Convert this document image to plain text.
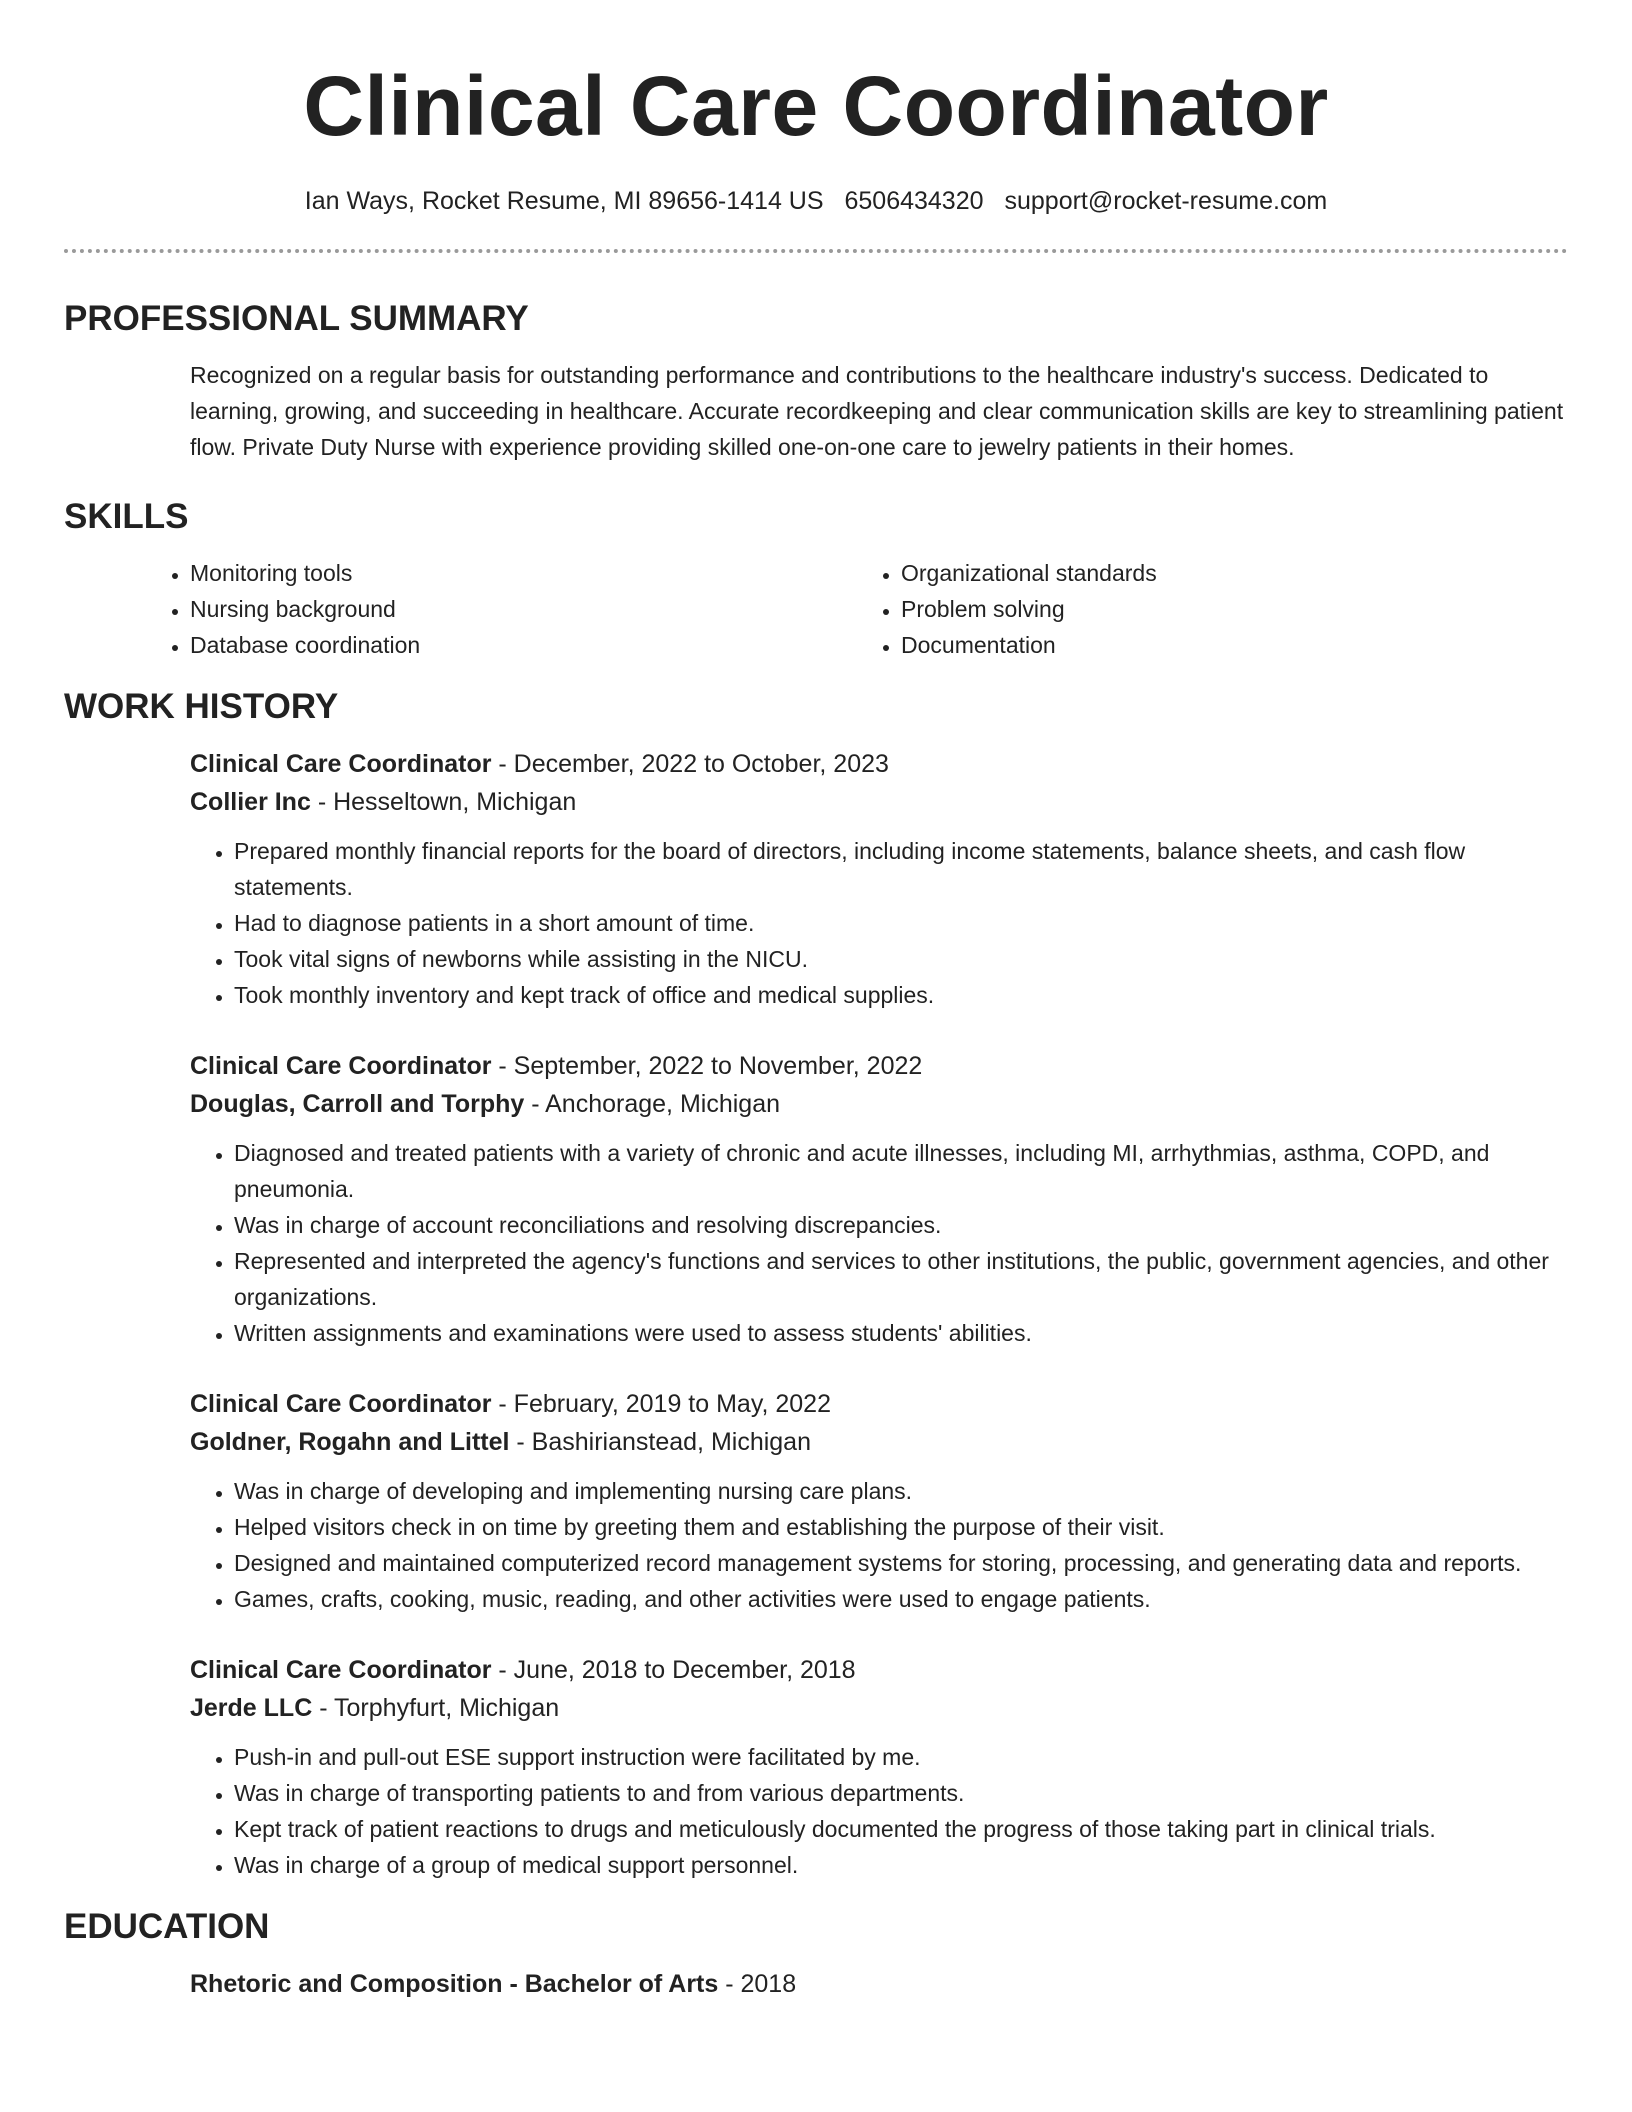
Clinical Care Coordinator
Ian Ways, Rocket Resume, MI 89656-1414 US 6506434320 support@rocket-resume.com
PROFESSIONAL SUMMARY

Recognized on a regular basis for outstanding performance and contributions to the healthcare industry's success. Dedicated to learning, growing, and succeeding in healthcare. Accurate recordkeeping and clear communication skills are key to streamlining patient flow. Private Duty Nurse with experience providing skilled one-on-one care to jewelry patients in their homes.

SKILLS
• Monitoring tools
• Nursing background
• Database coordination
• Organizational standards
• Problem solving
• Documentation
WORK HISTORY

Clinical Care Coordinator - December, 2022 to October, 2023

Collier Inc - Hesseltown, Michigan

• Prepared monthly financial reports for the board of directors, including income statements, balance sheets, and cash flow statements.
• Had to diagnose patients in a short amount of time.
• Took vital signs of newborns while assisting in the NICU.
• Took monthly inventory and kept track of office and medical supplies.

Clinical Care Coordinator - September, 2022 to November, 2022

Douglas, Carroll and Torphy - Anchorage, Michigan

• Diagnosed and treated patients with a variety of chronic and acute illnesses, including MI, arrhythmias, asthma, COPD, and pneumonia.
• Was in charge of account reconciliations and resolving discrepancies.
• Represented and interpreted the agency's functions and services to other institutions, the public, government agencies, and other organizations.
• Written assignments and examinations were used to assess students' abilities.

Clinical Care Coordinator - February, 2019 to May, 2022

Goldner, Rogahn and Littel - Bashirianstead, Michigan

• Was in charge of developing and implementing nursing care plans.
• Helped visitors check in on time by greeting them and establishing the purpose of their visit.
• Designed and maintained computerized record management systems for storing, processing, and generating data and reports.
• Games, crafts, cooking, music, reading, and other activities were used to engage patients.

Clinical Care Coordinator - June, 2018 to December, 2018

Jerde LLC - Torphyfurt, Michigan

• Push-in and pull-out ESE support instruction were facilitated by me.
• Was in charge of transporting patients to and from various departments.
• Kept track of patient reactions to drugs and meticulously documented the progress of those taking part in clinical trials.
• Was in charge of a group of medical support personnel.
EDUCATION

Rhetoric and Composition - Bachelor of Arts - 2018
